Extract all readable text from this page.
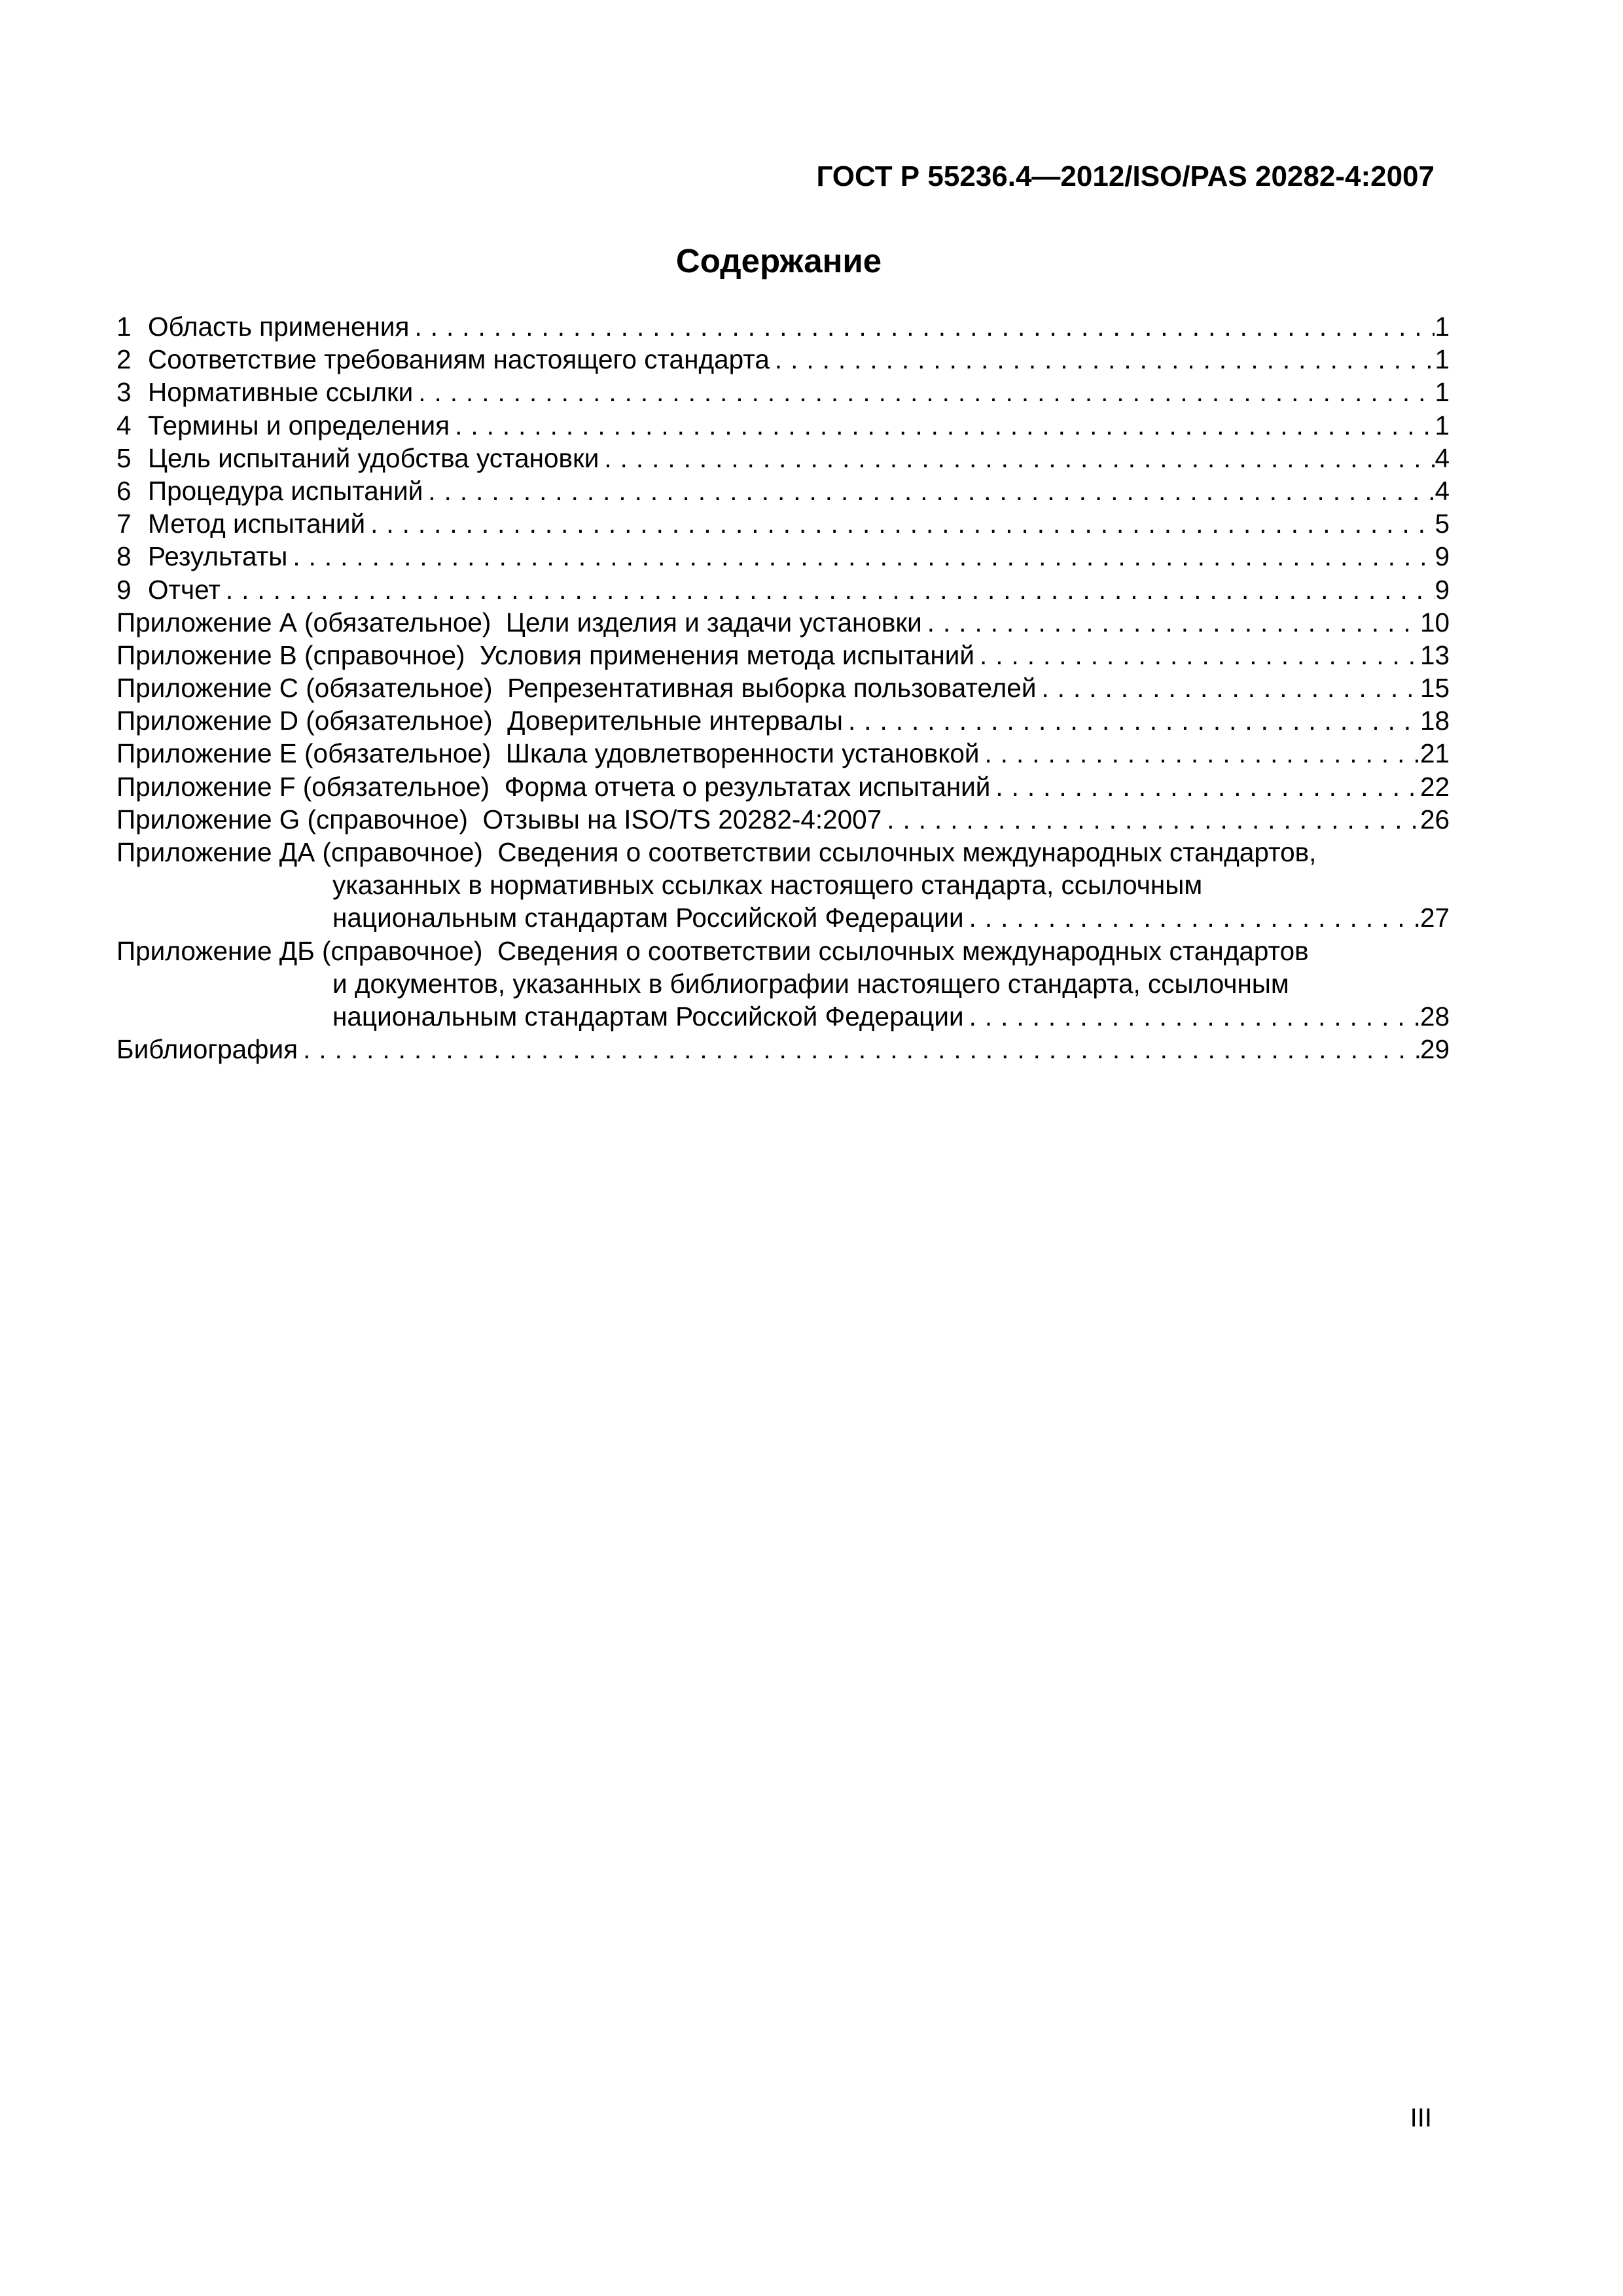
ГОСТ Р 55236.4—2012/ISO/PAS 20282-4:2007
Содержание
1 Область применения .....	1
2 Соответствие требованиям настоящего стандарта .....	1
3 Нормативные ссылки .....	1
4 Термины и определения .....	1
5 Цель испытаний удобства установки .....	4
6 Процедура испытаний .....	4
7 Метод испытаний .....	5
8 Результаты .....	9
9 Отчет .....	9
Приложение А (обязательное)  Цели изделия и задачи установки .....	10
Приложение В (справочное)  Условия применения метода испытаний .....	13
Приложение С (обязательное)  Репрезентативная выборка пользователей .....	15
Приложение D (обязательное)  Доверительные интервалы .....	18
Приложение Е (обязательное)  Шкала удовлетворенности установкой .....	21
Приложение F (обязательное)  Форма отчета о результатах испытаний .....	22
Приложение G (справочное)  Отзывы на ISO/TS 20282-4:2007 .....	26
Приложение ДА (справочное)  Сведения о соответствии ссылочных международных стандартов,
указанных в нормативных ссылках настоящего стандарта, ссылочным
национальным стандартам Российской Федерации .....	27
Приложение ДБ (справочное)  Сведения о соответствии ссылочных международных стандартов
и документов, указанных в библиографии настоящего стандарта, ссылочным
национальным стандартам Российской Федерации .....	28
Библиография .....	29
III
